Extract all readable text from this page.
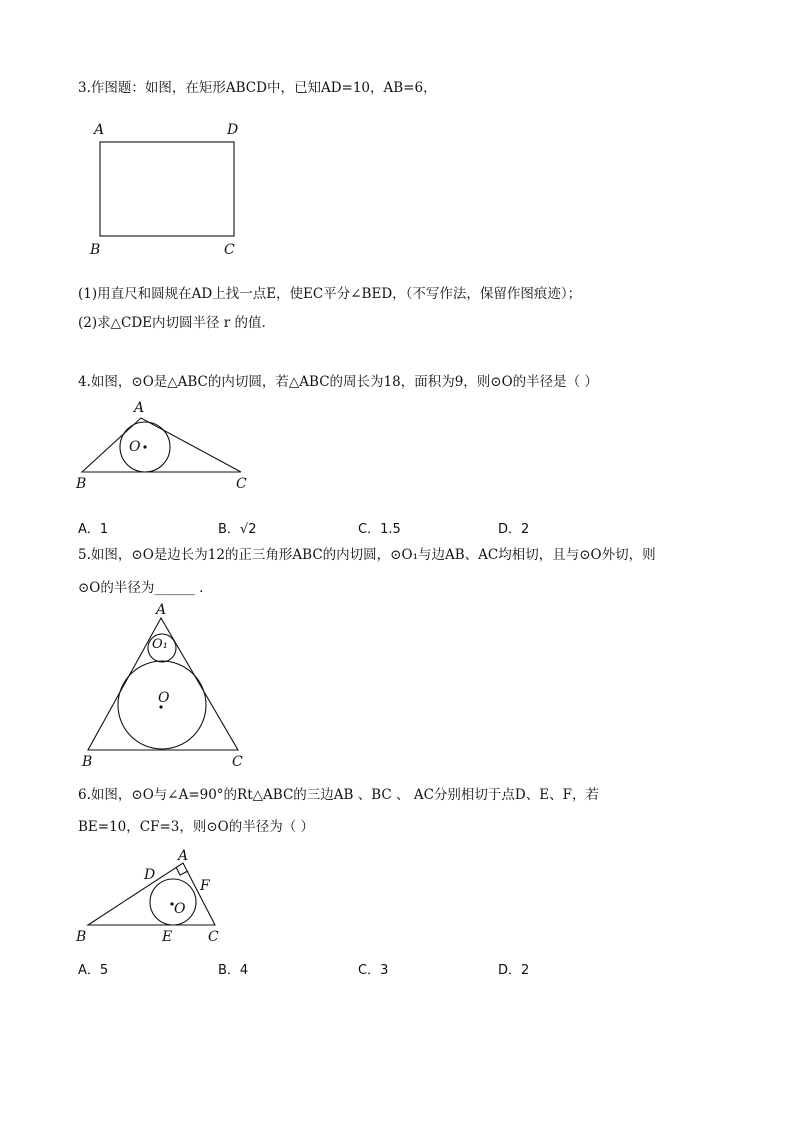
3.作图题：如图，在矩形ABCD中，已知AD=10，AB=6，
A	D
B	C
(1)用直尺和圆规在AD上找一点E，使EC平分∠BED，（不写作法，保留作图痕迹）；
(2)求△CDE内切圆半径 r 的值.
4.如图，⊙O是△ABC的内切圆，若△ABC的周长为18，面积为9，则⊙O的半径是（ ）
A
B	C
O
A．1	B．√2	C．1.5	D．2
5.如图，⊙O是边长为12的正三角形ABC的内切圆，⊙O₁与边AB、AC均相切，且与⊙O外切，则
⊙O的半径为______ .
A
B	C
O
O₁
6.如图，⊙O与∠A=90°的Rt△ABC的三边AB 、BC 、 AC分别相切于点D、E、F，若
BE=10，CF=3，则⊙O的半径为（ ）
A
B	C
D
E
F
O
A．5	B．4	C．3	D．2
